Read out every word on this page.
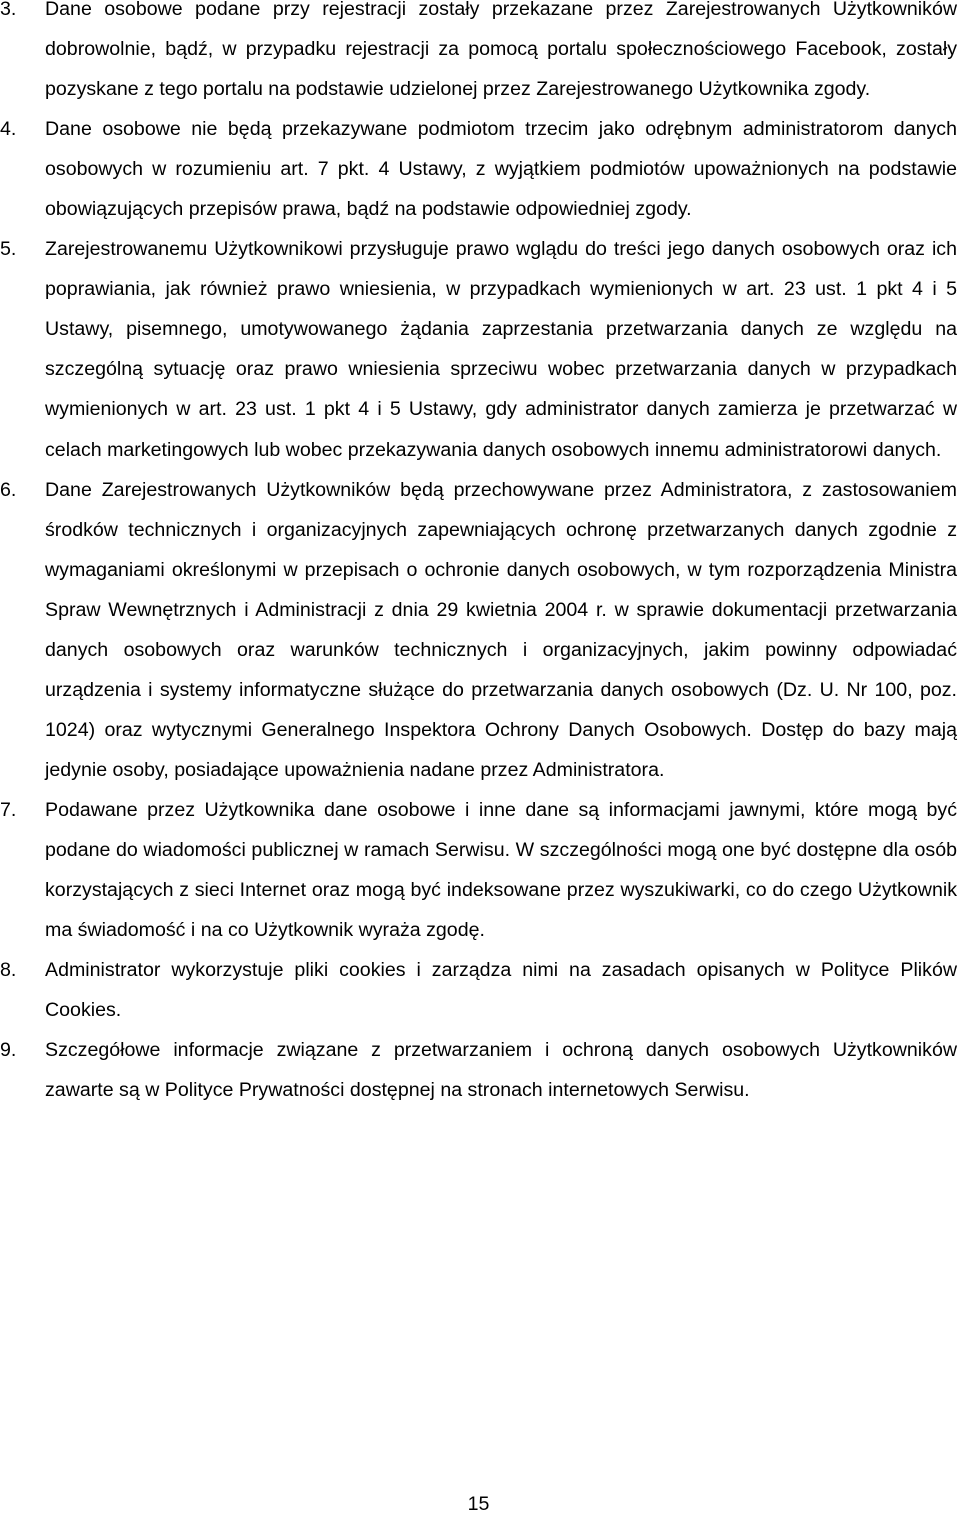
3. Dane osobowe podane przy rejestracji zostały przekazane przez Zarejestrowanych Użytkowników dobrowolnie, bądź, w przypadku rejestracji za pomocą portalu społecznościowego Facebook, zostały pozyskane z tego portalu na podstawie udzielonej przez Zarejestrowanego Użytkownika zgody.
4. Dane osobowe nie będą przekazywane podmiotom trzecim jako odrębnym administratorom danych osobowych w rozumieniu art. 7 pkt. 4 Ustawy, z wyjątkiem podmiotów upoważnionych na podstawie obowiązujących przepisów prawa, bądź na podstawie odpowiedniej zgody.
5. Zarejestrowanemu Użytkownikowi przysługuje prawo wglądu do treści jego danych osobowych oraz ich poprawiania, jak również prawo wniesienia, w przypadkach wymienionych w art. 23 ust. 1 pkt 4 i 5 Ustawy, pisemnego, umotywowanego żądania zaprzestania przetwarzania danych ze względu na szczególną sytuację oraz prawo wniesienia sprzeciwu wobec przetwarzania danych w przypadkach wymienionych w art. 23 ust. 1 pkt 4 i 5 Ustawy, gdy administrator danych zamierza je przetwarzać w celach marketingowych lub wobec przekazywania danych osobowych innemu administratorowi danych.
6. Dane Zarejestrowanych Użytkowników będą przechowywane przez Administratora, z zastosowaniem środków technicznych i organizacyjnych zapewniających ochronę przetwarzanych danych zgodnie z wymaganiami określonymi w przepisach o ochronie danych osobowych, w tym rozporządzenia Ministra Spraw Wewnętrznych i Administracji z dnia 29 kwietnia 2004 r. w sprawie dokumentacji przetwarzania danych osobowych oraz warunków technicznych i organizacyjnych, jakim powinny odpowiadać urządzenia i systemy informatyczne służące do przetwarzania danych osobowych (Dz. U. Nr 100, poz. 1024) oraz wytycznymi Generalnego Inspektora Ochrony Danych Osobowych. Dostęp do bazy mają jedynie osoby, posiadające upoważnienia nadane przez Administratora.
7. Podawane przez Użytkownika dane osobowe i inne dane są informacjami jawnymi, które mogą być podane do wiadomości publicznej w ramach Serwisu. W szczególności mogą one być dostępne dla osób korzystających z sieci Internet oraz mogą być indeksowane przez wyszukiwarki, co do czego Użytkownik ma świadomość i na co Użytkownik wyraża zgodę.
8. Administrator wykorzystuje pliki cookies i zarządza nimi na zasadach opisanych w Polityce Plików Cookies.
9. Szczegółowe informacje związane z przetwarzaniem i ochroną danych osobowych Użytkowników zawarte są w Polityce Prywatności dostępnej na stronach internetowych Serwisu.
15
